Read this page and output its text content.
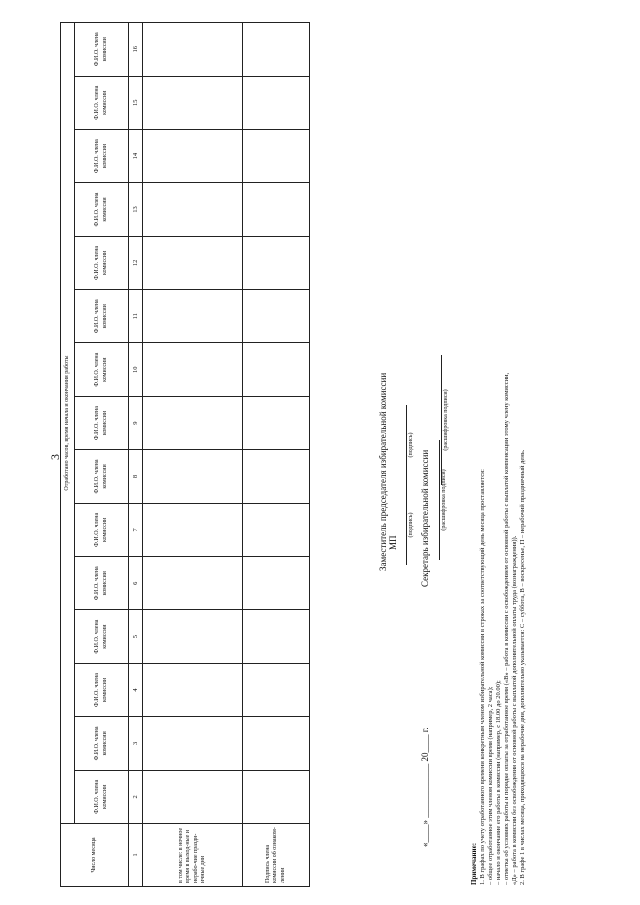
3
Число месяца	Отработано часов, время начала и окончания работы														
	Ф.И.О. члена комиссии	Ф.И.О. члена комиссии	Ф.И.О. члена комиссии	Ф.И.О. члена комиссии	Ф.И.О. члена комиссии	Ф.И.О. члена комиссии	Ф.И.О. члена комиссии	Ф.И.О. члена комиссии	Ф.И.О. члена комиссии	Ф.И.О. члена комиссии	Ф.И.О. члена комиссии	Ф.И.О. члена комиссии	Ф.И.О. члена комиссии	Ф.И.О. члена комиссии	Ф.И.О. члена комиссии
1	2	3	4	5	6	7	8	9	10	11	12	13	14	15	16
в том числе: в ночное время в выход-ные и нерабо-чие праздн-ичные дни															
Подпись члена комиссии об ознаком-лении															
Заместитель председателя избирательной комиссии	(подпись)	(расшифровка подписи)
МП Секретарь избирательной комиссии
(подпись)	(расшифровка подписи)
«____» ____________ 20____ г.
Примечание: 1. В графах по учету отработанного времени конкретным членом избирательной комиссии в строках за соответствующий день месяца проставляется: – общее отработанное этим членом комиссии время (например, 2 часа); – начало и окончание его работы в комиссии (например, с 18.00 до 20.00); – отметка об условиях работы и порядке оплаты за отработанное время («В» – работа в комиссии с освобождением от основной работы с выплатой компенсации этому члену комиссии, «Д» – работа в комиссии без освобождения от основной работы с выплатой дополнительной оплаты труда (вознаграждения)). 2. В графе 1 в числах месяца, приходящихся на нерабочие дни, дополнительно указывается: С – суббота, В – воскресенье, П – нерабочий праздничный день.
